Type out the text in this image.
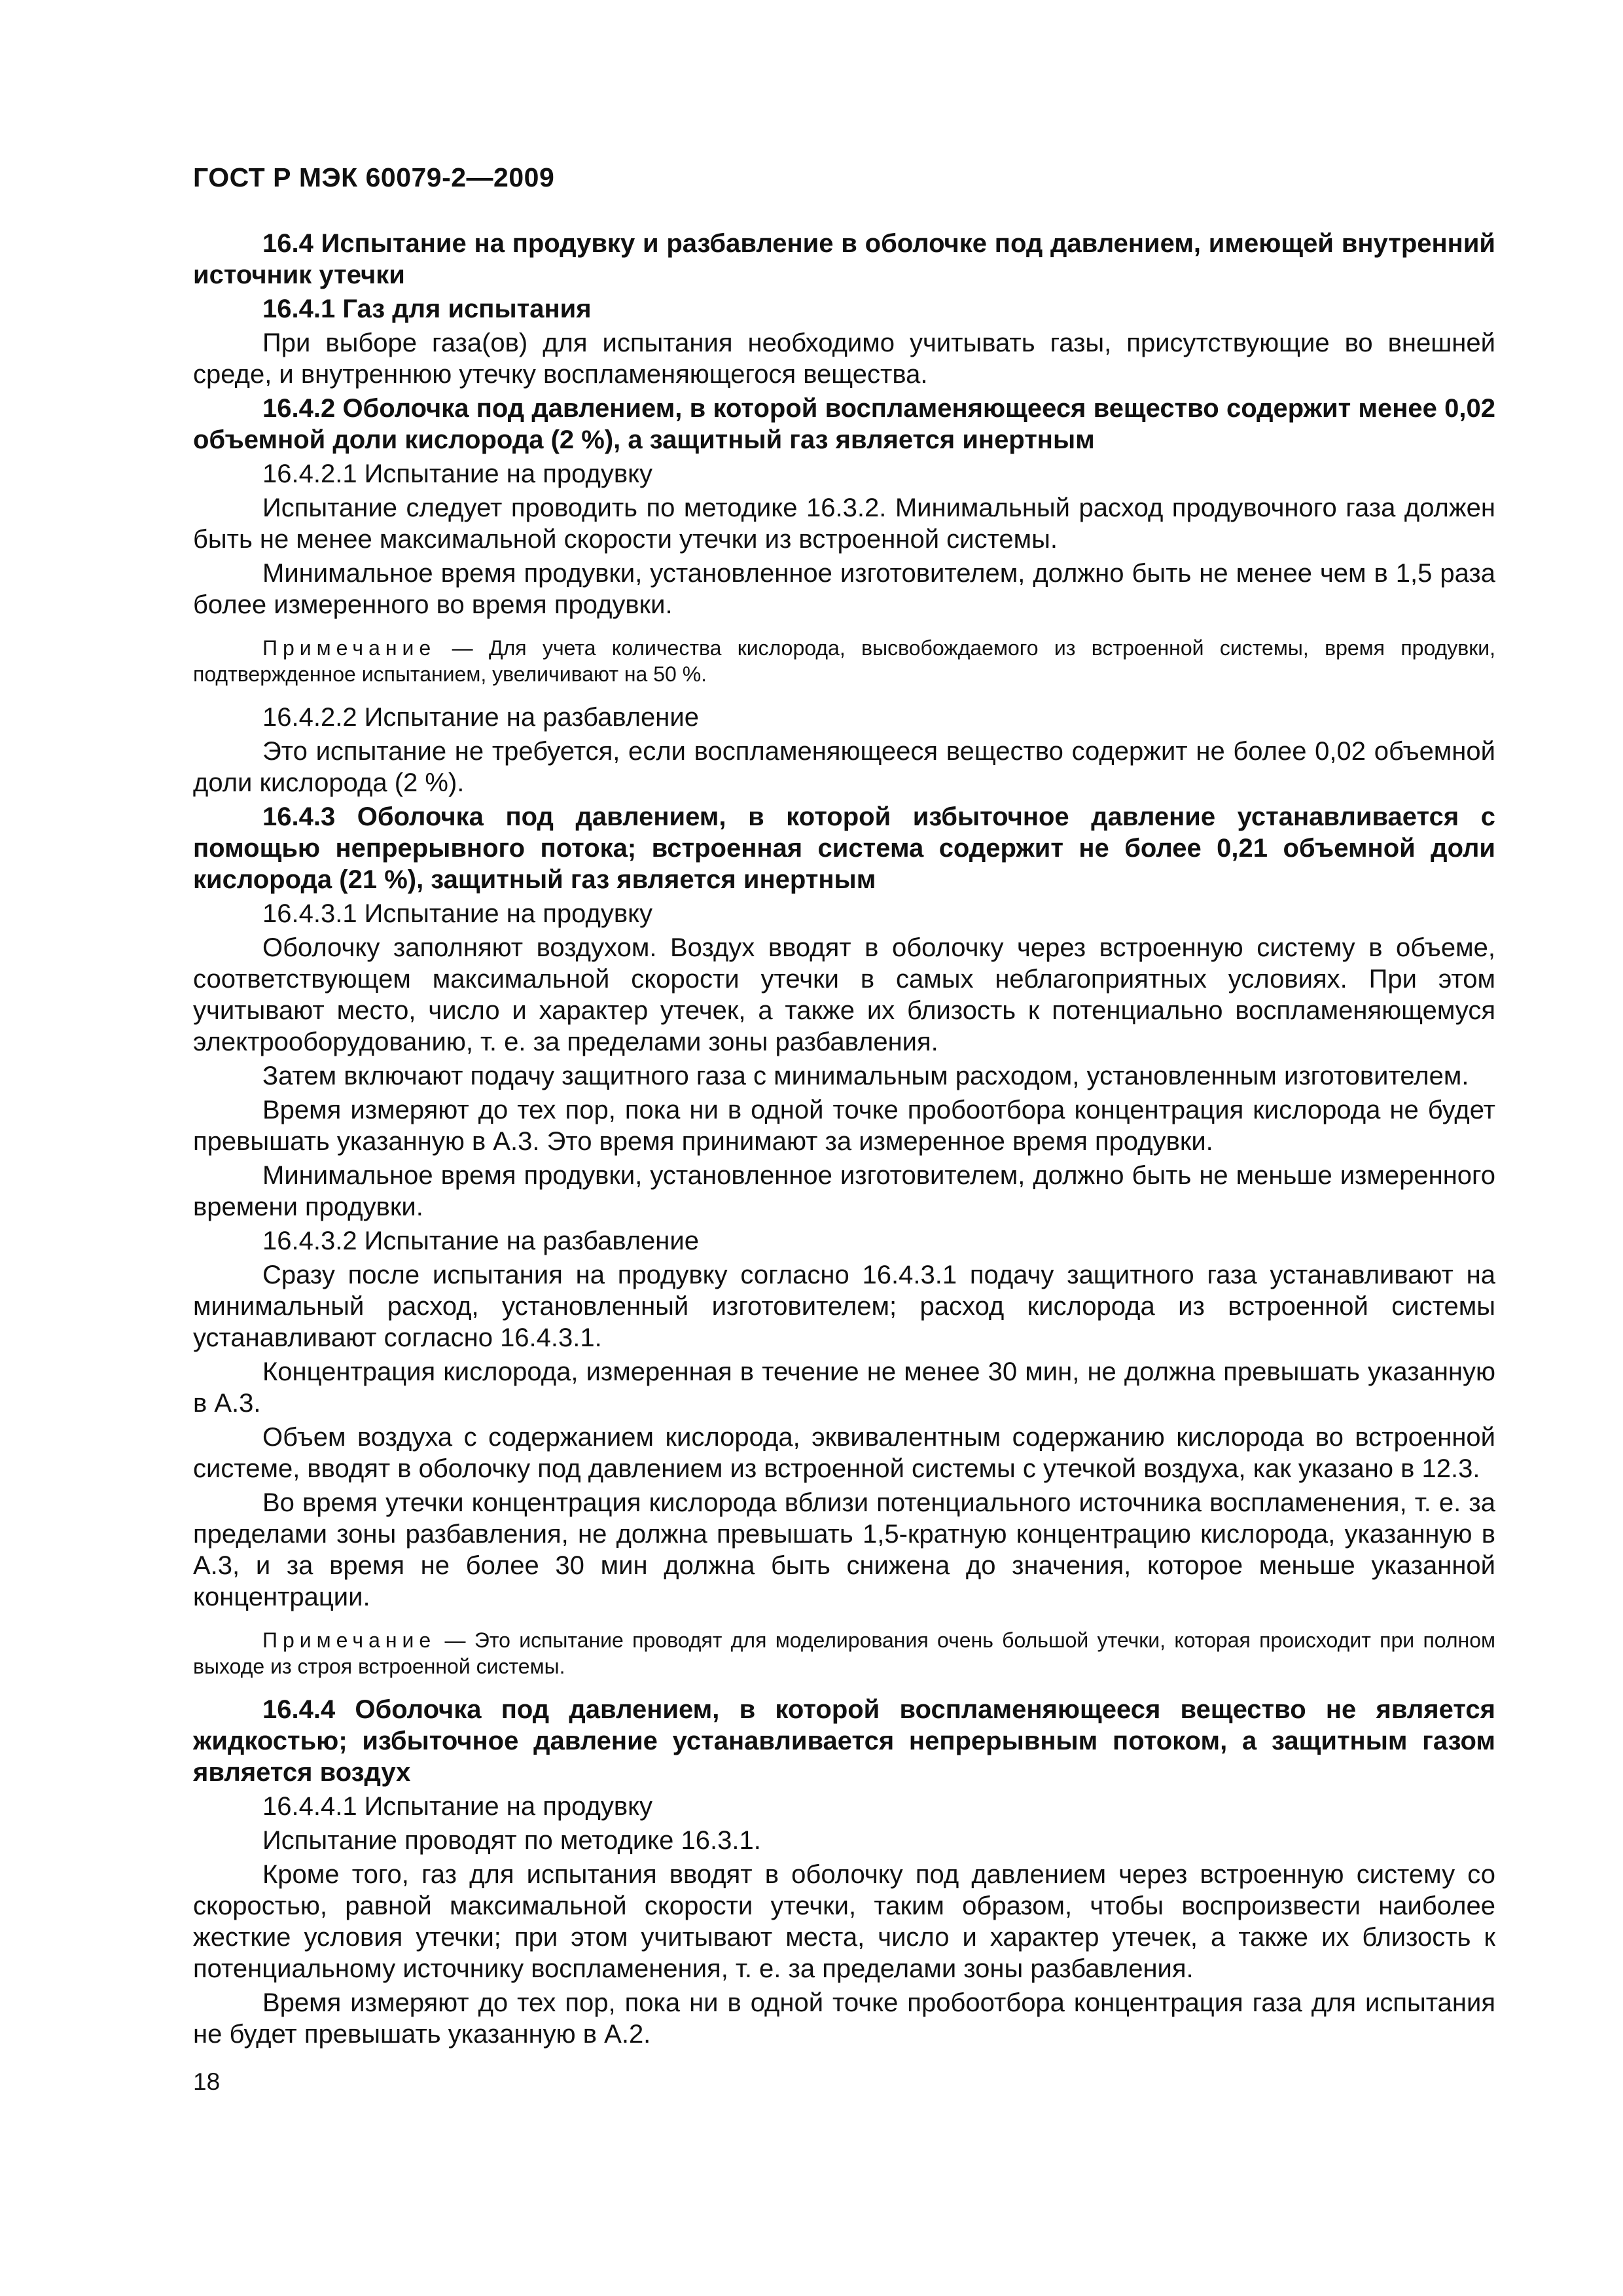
ГОСТ Р МЭК 60079-2—2009

16.4 Испытание на продувку и разбавление в оболочке под давлением, имеющей внутренний источник утечки

16.4.1 Газ для испытания

При выборе газа(ов) для испытания необходимо учитывать газы, присутствующие во внешней среде, и внутреннюю утечку воспламеняющегося вещества.

16.4.2 Оболочка под давлением, в которой воспламеняющееся вещество содержит менее 0,02 объемной доли кислорода (2 %), а защитный газ является инертным

16.4.2.1 Испытание на продувку

Испытание следует проводить по методике 16.3.2. Минимальный расход продувочного газа должен быть не менее максимальной скорости утечки из встроенной системы.

Минимальное время продувки, установленное изготовителем, должно быть не менее чем в 1,5 раза более измеренного во время продувки.

Примечание — Для учета количества кислорода, высвобождаемого из встроенной системы, время продувки, подтвержденное испытанием, увеличивают на 50 %.

16.4.2.2 Испытание на разбавление

Это испытание не требуется, если воспламеняющееся вещество содержит не более 0,02 объемной доли кислорода (2 %).

16.4.3 Оболочка под давлением, в которой избыточное давление устанавливается с помощью непрерывного потока; встроенная система содержит не более 0,21 объемной доли кислорода (21 %), защитный газ является инертным

16.4.3.1 Испытание на продувку

Оболочку заполняют воздухом. Воздух вводят в оболочку через встроенную систему в объеме, соответствующем максимальной скорости утечки в самых неблагоприятных условиях. При этом учитывают место, число и характер утечек, а также их близость к потенциально воспламеняющемуся электрооборудованию, т. е. за пределами зоны разбавления.

Затем включают подачу защитного газа с минимальным расходом, установленным изготовителем.

Время измеряют до тех пор, пока ни в одной точке пробоотбора концентрация кислорода не будет превышать указанную в А.3. Это время принимают за измеренное время продувки.

Минимальное время продувки, установленное изготовителем, должно быть не меньше измеренного времени продувки.

16.4.3.2 Испытание на разбавление

Сразу после испытания на продувку согласно 16.4.3.1 подачу защитного газа устанавливают на минимальный расход, установленный изготовителем; расход кислорода из встроенной системы устанавливают согласно 16.4.3.1.

Концентрация кислорода, измеренная в течение не менее 30 мин, не должна превышать указанную в А.3.

Объем воздуха с содержанием кислорода, эквивалентным содержанию кислорода во встроенной системе, вводят в оболочку под давлением из встроенной системы с утечкой воздуха, как указано в 12.3.

Во время утечки концентрация кислорода вблизи потенциального источника воспламенения, т. е. за пределами зоны разбавления, не должна превышать 1,5-кратную концентрацию кислорода, указанную в А.3, и за время не более 30 мин должна быть снижена до значения, которое меньше указанной концентрации.

Примечание — Это испытание проводят для моделирования очень большой утечки, которая происходит при полном выходе из строя встроенной системы.

16.4.4 Оболочка под давлением, в которой воспламеняющееся вещество не является жидкостью; избыточное давление устанавливается непрерывным потоком, а защитным газом является воздух

16.4.4.1 Испытание на продувку

Испытание проводят по методике 16.3.1.

Кроме того, газ для испытания вводят в оболочку под давлением через встроенную систему со скоростью, равной максимальной скорости утечки, таким образом, чтобы воспроизвести наиболее жесткие условия утечки; при этом учитывают места, число и характер утечек, а также их близость к потенциальному источнику воспламенения, т. е. за пределами зоны разбавления.

Время измеряют до тех пор, пока ни в одной точке пробоотбора концентрация газа для испытания не будет превышать указанную в А.2.

18
